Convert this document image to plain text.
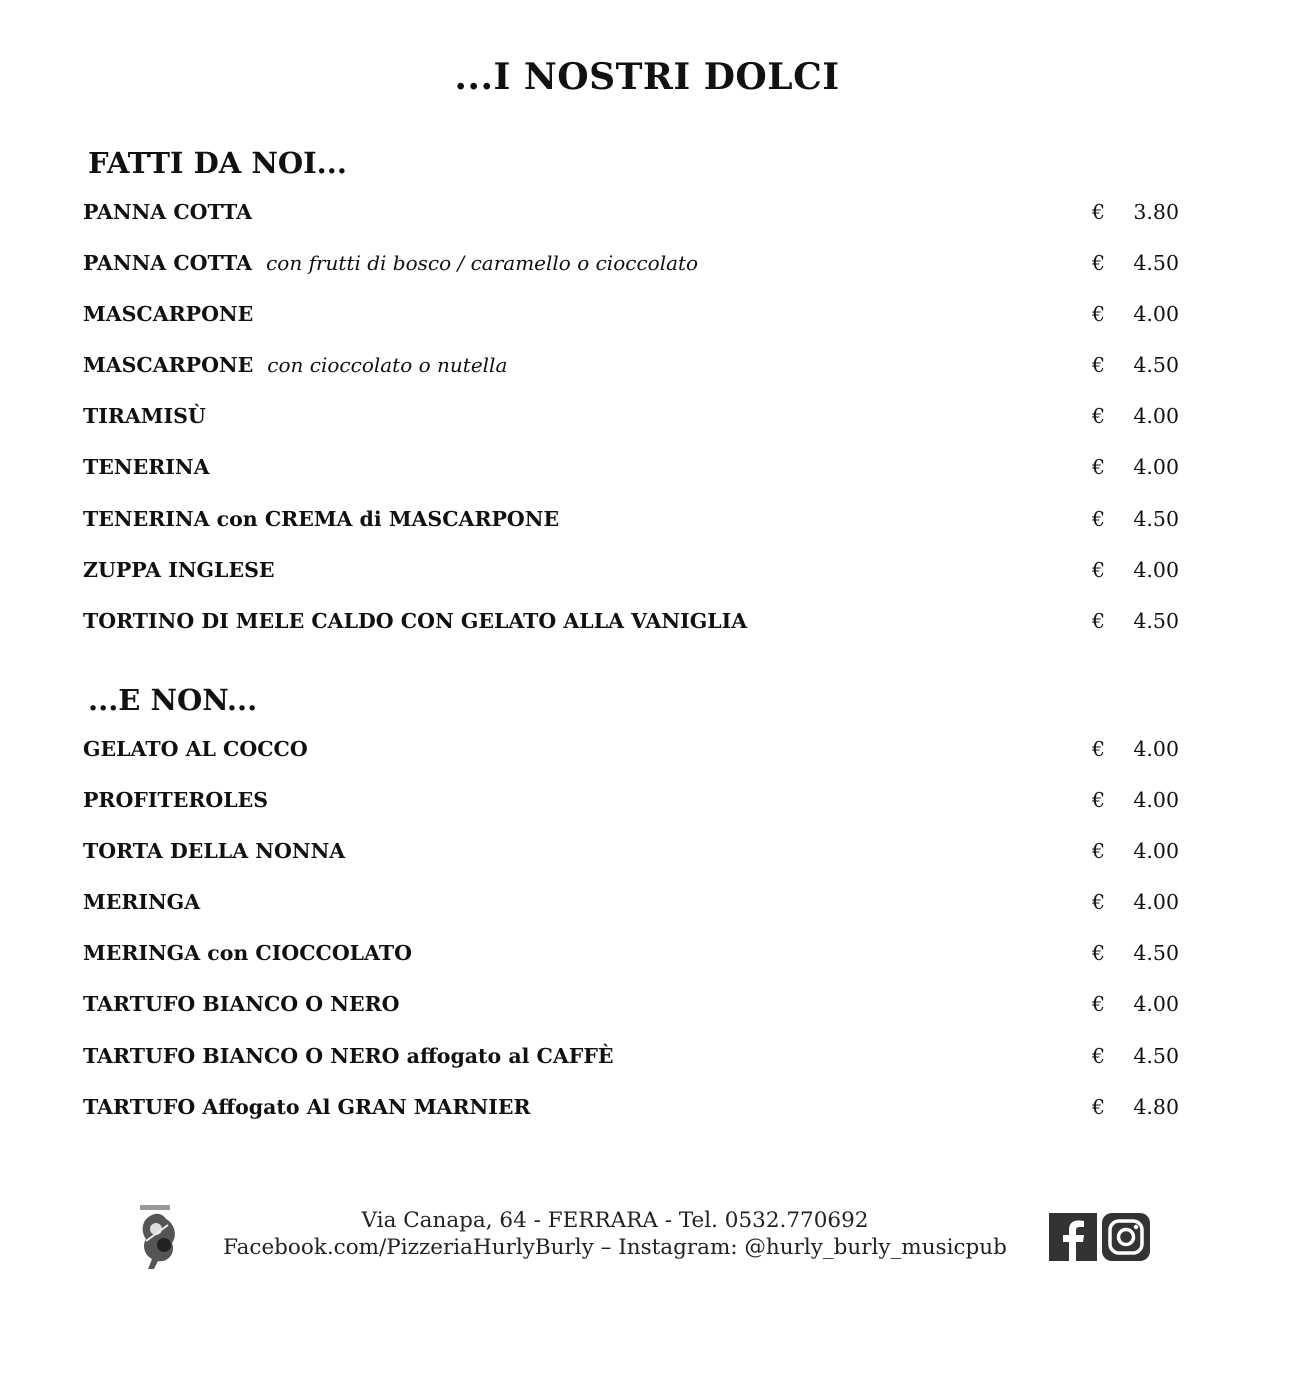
...I NOSTRI DOLCI
FATTI DA NOI...
PANNA COTTA	€ 3.80
PANNA COTTA con frutti di bosco / caramello o cioccolato	€ 4.50
MASCARPONE	€ 4.00
MASCARPONE con cioccolato o nutella	€ 4.50
TIRAMISÙ	€ 4.00
TENERINA	€ 4.00
TENERINA con CREMA di MASCARPONE	€ 4.50
ZUPPA INGLESE	€ 4.00
TORTINO DI MELE CALDO CON GELATO ALLA VANIGLIA	€ 4.50
...E NON...
GELATO AL COCCO	€ 4.00
PROFITEROLES	€ 4.00
TORTA DELLA NONNA	€ 4.00
MERINGA	€ 4.00
MERINGA con CIOCCOLATO	€ 4.50
TARTUFO BIANCO O NERO	€ 4.00
TARTUFO BIANCO O NERO affogato al CAFFÈ	€ 4.50
TARTUFO Affogato Al GRAN MARNIER	€ 4.80
Via Canapa, 64 - FERRARA - Tel. 0532.770692
Facebook.com/PizzeriaHurlyBurly – Instagram: @hurly_burly_musicpub
